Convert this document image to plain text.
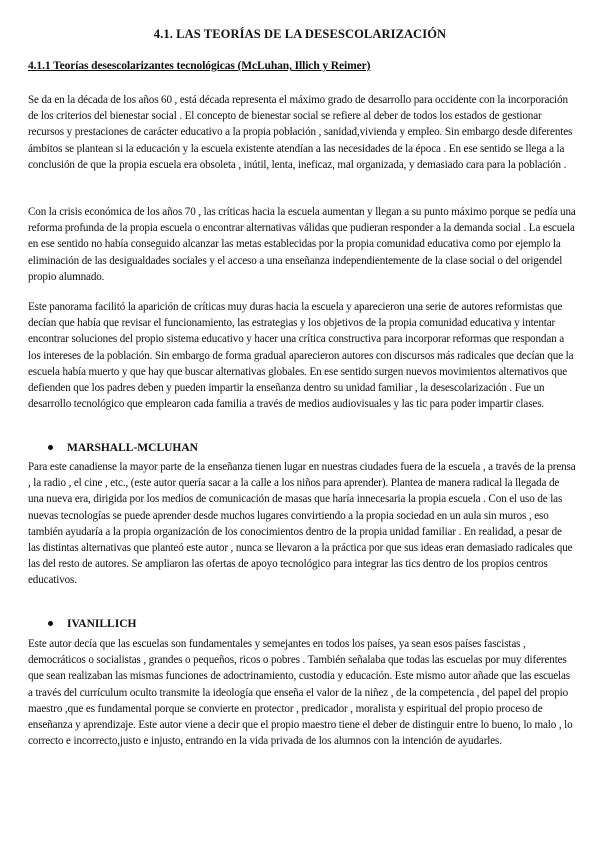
4.1. LAS TEORÍAS DE LA DESESCOLARIZACIÓN
4.1.1 Teorías desescolarizantes tecnológicas (McLuhan, Illich y Reimer)
Se da en la década de los años 60 , está década representa el máximo grado de desarrollo para occidente con la incorporación de los criterios del bienestar social . El concepto de bienestar social se refiere al deber de todos los estados de gestionar recursos y prestaciones de carácter educativo a la propia población , sanidad,vivienda y empleo. Sin embargo desde diferentes ámbitos se plantean si la educación y la escuela existente atendían a las necesidades de la época . En ese sentido se llega a la conclusión de que la propia escuela era obsoleta , inútil, lenta, ineficaz, mal organizada, y demasiado cara para la población .
Con la crisis económica de los años 70 , las críticas hacia la escuela aumentan y llegan a su punto máximo porque se pedía una reforma profunda de la propia escuela o encontrar alternativas válidas que pudieran responder a la demanda social . La escuela en ese sentido no había conseguido alcanzar las metas establecidas por la propia comunidad educativa como por ejemplo la eliminación de las desigualdades sociales y el acceso a una enseñanza independientemente de la clase social o del origendel propio alumnado.
Este panorama facilitó la aparición de críticas muy duras hacia la escuela y aparecieron una serie de autores reformistas que decían que había que revisar el funcionamiento, las estrategias y los objetivos de la propia comunidad educativa y intentar encontrar soluciones del propio sistema educativo y hacer una crítica constructiva para incorporar reformas que respondan a los intereses de la población. Sin embargo de forma gradual aparecieron autores con discursos más radicales que decían que la escuela había muerto y que hay que buscar alternativas globales. En ese sentido surgen nuevos movimientos alternativos que defienden que los padres deben y pueden impartir la enseñanza dentro su unidad familiar , la desescolarización . Fue un desarrollo tecnológico que emplearon cada familia a través de medios audiovisuales y las tic para poder impartir clases.
MARSHALL-MCLUHAN
Para este canadiense la mayor parte de la enseñanza tienen lugar en nuestras ciudades fuera de la escuela , a través de la prensa , la radio , el cine , etc., (este autor quería sacar a la calle a los niños para aprender). Plantea de manera radical la llegada de una nueva era, dirigida por los medios de comunicación de masas que haría innecesaria la propia escuela . Con el uso de las nuevas tecnologías se puede aprender desde muchos lugares convirtiendo a la propia sociedad en un aula sin muros , eso también ayudaría a la propia organización de los conocimientos dentro de la propia unidad familiar . En realidad, a pesar de las distintas alternativas que planteó este autor , nunca se llevaron a la práctica por que sus ideas eran demasiado radicales que las del resto de autores. Se ampliaron las ofertas de apoyo tecnológico para integrar las tics dentro de los propios centros educativos.
IVANILLICH
Este autor decía que las escuelas son fundamentales y semejantes en todos los países, ya sean esos países fascistas , democráticos o socialistas , grandes o pequeños, ricos o pobres . También señalaba que todas las escuelas por muy diferentes que sean realizaban las mismas funciones de adoctrinamiento, custodia y educación. Este mismo autor añade que las escuelas a través del currículum oculto transmite la ideología que enseña el valor de la niñez , de la competencia , del papel del propio maestro ,que es fundamental porque se convierte en protector , predicador , moralista y espiritual del propio proceso de enseñanza y aprendizaje. Este autor viene a decir que el propio maestro tiene el deber de distinguir entre lo bueno, lo malo , lo correcto e incorrecto,justo e injusto, entrando en la vida privada de los alumnos con la intención de ayudarles.
